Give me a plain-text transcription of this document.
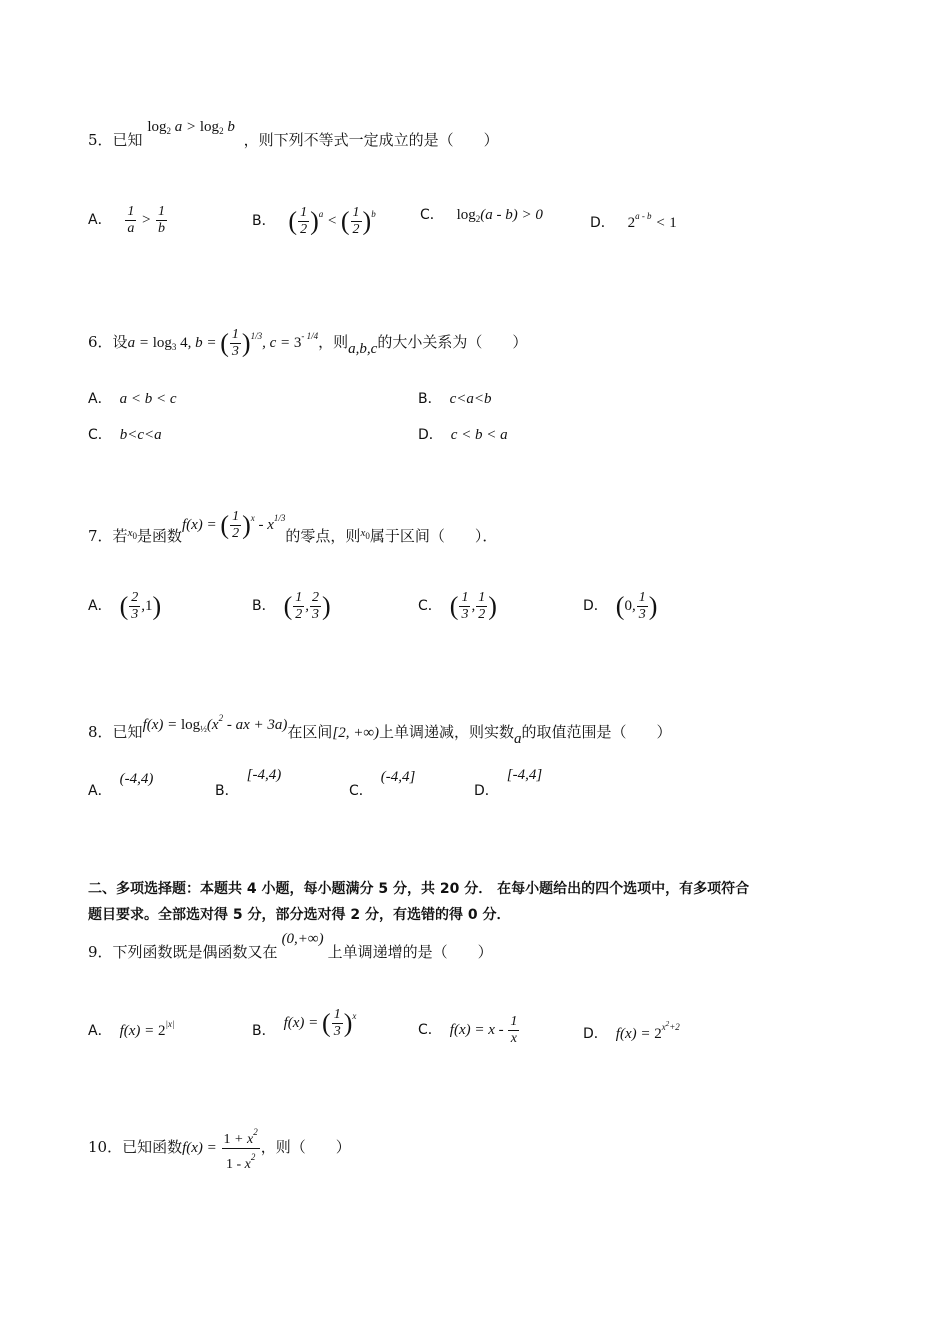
5．已知 $\log_2 a > \log_2 b$ ，则下列不等式一定成立的是（　　）
A． $\frac{1}{a} > \frac{1}{b}$	B． ( $\frac{1}{2} )^a$ < ( $\frac{1}{2} )^b$	C． $\log_2(a - b) > 0$	D． $2^{a - b} < 1$
6．设$a = \log_3 4$, b = ( $\frac{1}{3} )^{1/3}$, $c = 3^{- 1/4}$，则a,b,c的大小关系为（　　）
A． a < b < c	B． c<a<b
C． b<c<a	D． c < b < a
7．若$^{x_0}$是函数f(x) = ( $\frac{1}{2} )^x - x^{1/3}$的零点，则$^{x_0}$属于区间（　　）．
A． ( $\frac{2}{3} ,1$)	B． ( $\frac{1}{2}$ , $\frac{2}{3}$ )	C． ( $\frac{1}{3}$ , $\frac{1}{2}$ )	D． (0, $\frac{1}{3}$ )
8．已知$f(x) = \log_{\frac{1}{2}}(x^2$ - ax + 3a)在区间[2, +∞)上单调递减，则实数a的取值范围是（　　）
A．(-4,4)
B．[-4,4)
C．(-4,4]
D．[-4,4]
二、多项选择题：本题共 4 小题，每小题满分 5 分，共 20 分． 在每小题给出的四个选项中，有多项符合
题目要求。全部选对得 5 分，部分选对得 2 分，有选错的得 0 分．
9．下列函数既是偶函数又在(0,+∞)上单调递增的是（　　）
A． $f(x) = 2^{|x|}$	B． f(x) = ( $\frac{1}{3} )^x$
C． $f(x) = x - \frac{1}{x}$	D． $f(x) = 2^{x^2+2}$
10．已知函数$f(x) = \frac{1 + x^2}{1 - x^2}$ ，则（　　）
